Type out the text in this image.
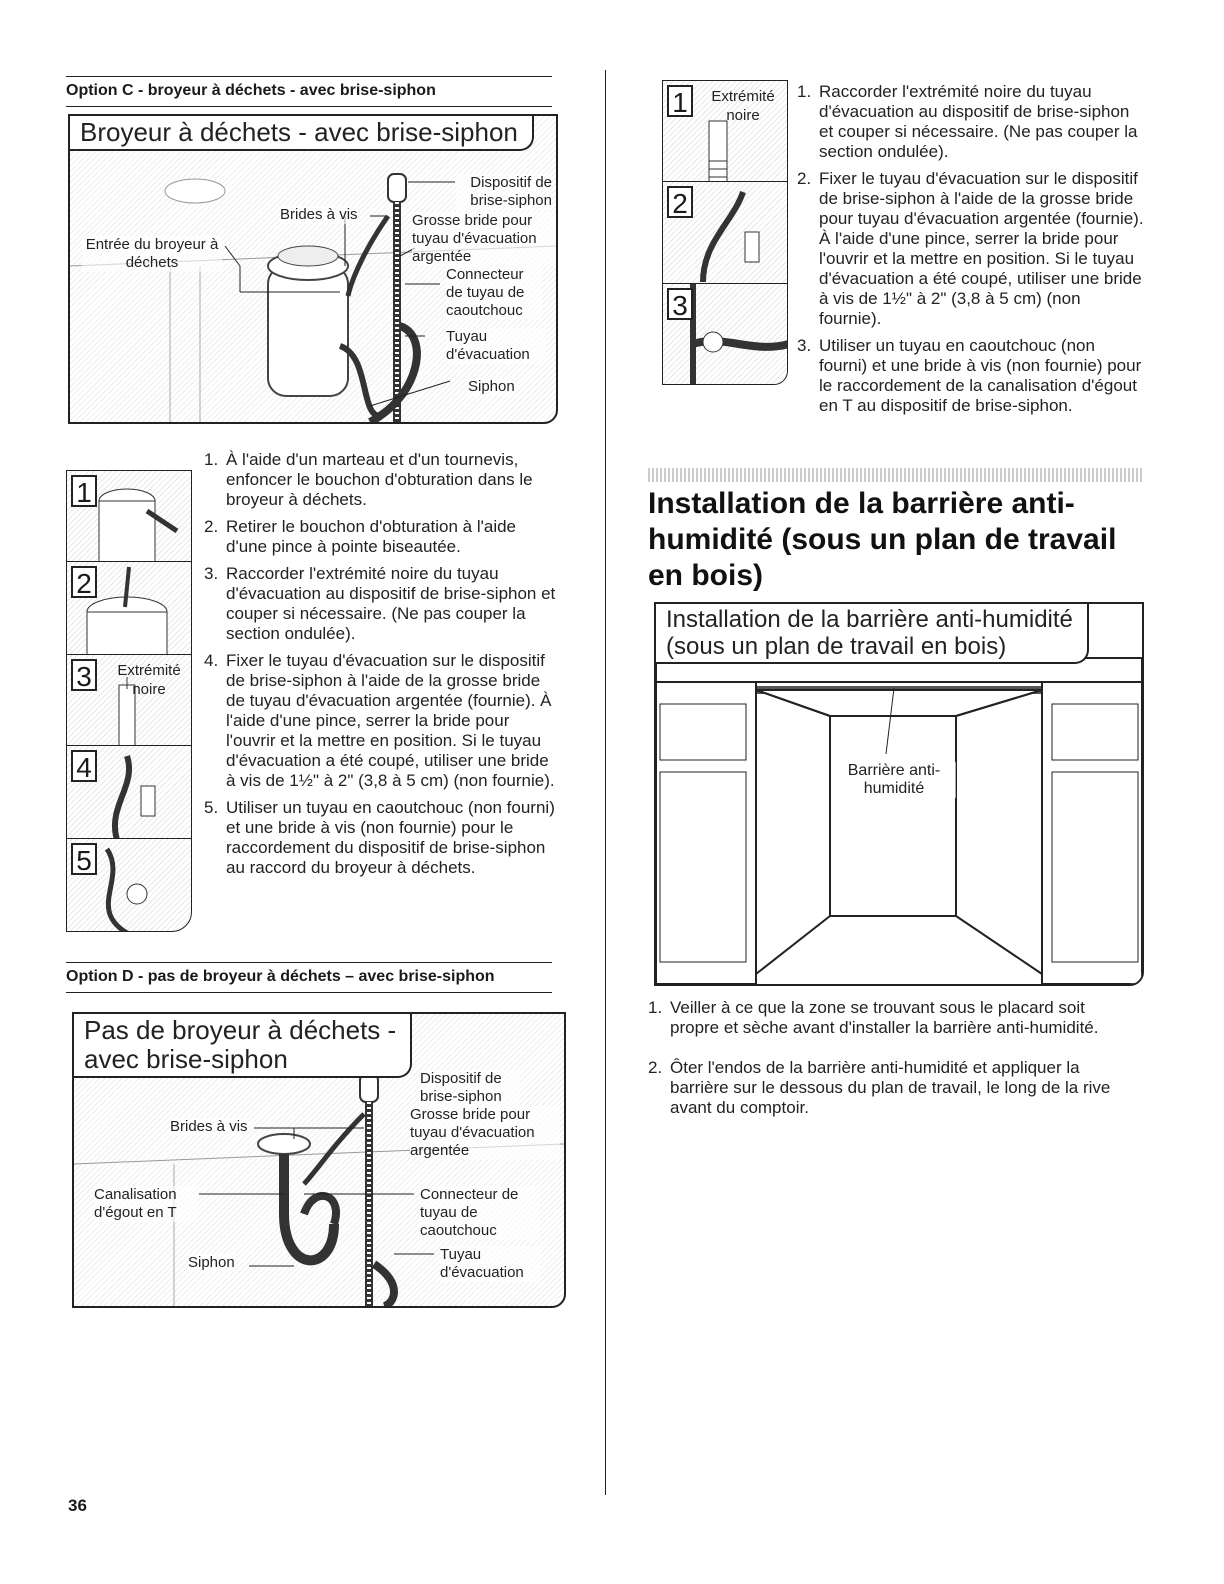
Option C - broyeur à déchets - avec brise-siphon
Broyeur à déchets - avec brise-siphon
Dispositif de brise-siphon
Brides à vis	Grosse bride pour tuyau d'évacuation argentée
Entrée du broyeur à déchets
Connecteur de tuyau de caoutchouc
Tuyau d'évacuation
Siphon
1
2
3	Extrémité noire
4
5
1. À l'aide d'un marteau et d'un tournevis, enfoncer le bouchon d'obturation dans le broyeur à déchets.
2. Retirer le bouchon d'obturation à l'aide d'une pince à pointe biseautée.
3. Raccorder l'extrémité noire du tuyau d'évacuation au dispositif de brise-siphon et couper si nécessaire. (Ne pas couper la section ondulée).
4. Fixer le tuyau d'évacuation sur le dispositif de brise-siphon à l'aide de la grosse bride de tuyau d'évacuation argentée (fournie). À l'aide d'une pince, serrer la bride pour l'ouvrir et la mettre en position. Si le tuyau d'évacuation a été coupé, utiliser une bride à vis de 1½" à 2" (3,8 à 5 cm) (non fournie).
5. Utiliser un tuyau en caoutchouc (non fourni) et une bride à vis (non fournie) pour le raccordement du dispositif de brise-siphon au raccord du broyeur à déchets.
Option D - pas de broyeur à déchets – avec brise-siphon
Pas de broyeur à déchets -
avec brise-siphon
Dispositif de brise-siphon
Brides à vis
Grosse bride pour tuyau d'évacuation argentée
Canalisation d'égout en T
Connecteur de tuyau de caoutchouc
Siphon	Tuyau d'évacuation
36
1	Extrémité noire
2
3
1. Raccorder l'extrémité noire du tuyau d'évacuation au dispositif de brise-siphon et couper si nécessaire. (Ne pas couper la section ondulée).
2. Fixer le tuyau d'évacuation sur le dispositif de brise-siphon à l'aide de la grosse bride pour tuyau d'évacuation argentée (fournie). À l'aide d'une pince, serrer la bride pour l'ouvrir et la mettre en position. Si le tuyau d'évacuation a été coupé, utiliser une bride à vis de 1½" à 2" (3,8 à 5 cm) (non fournie).
3. Utiliser un tuyau en caoutchouc (non fourni) et une bride à vis (non fournie) pour le raccordement de la canalisation d'égout en T au dispositif de brise-siphon.
Installation de la barrière anti-humidité (sous un plan de travail en bois)
Installation de la barrière anti-humidité
(sous un plan de travail en bois)
Barrière anti-humidité
1. Veiller à ce que la zone se trouvant sous le placard soit propre et sèche avant d'installer la barrière anti-humidité.
2. Ôter l'endos de la barrière anti-humidité et appliquer la barrière sur le dessous du plan de travail, le long de la rive avant du comptoir.
